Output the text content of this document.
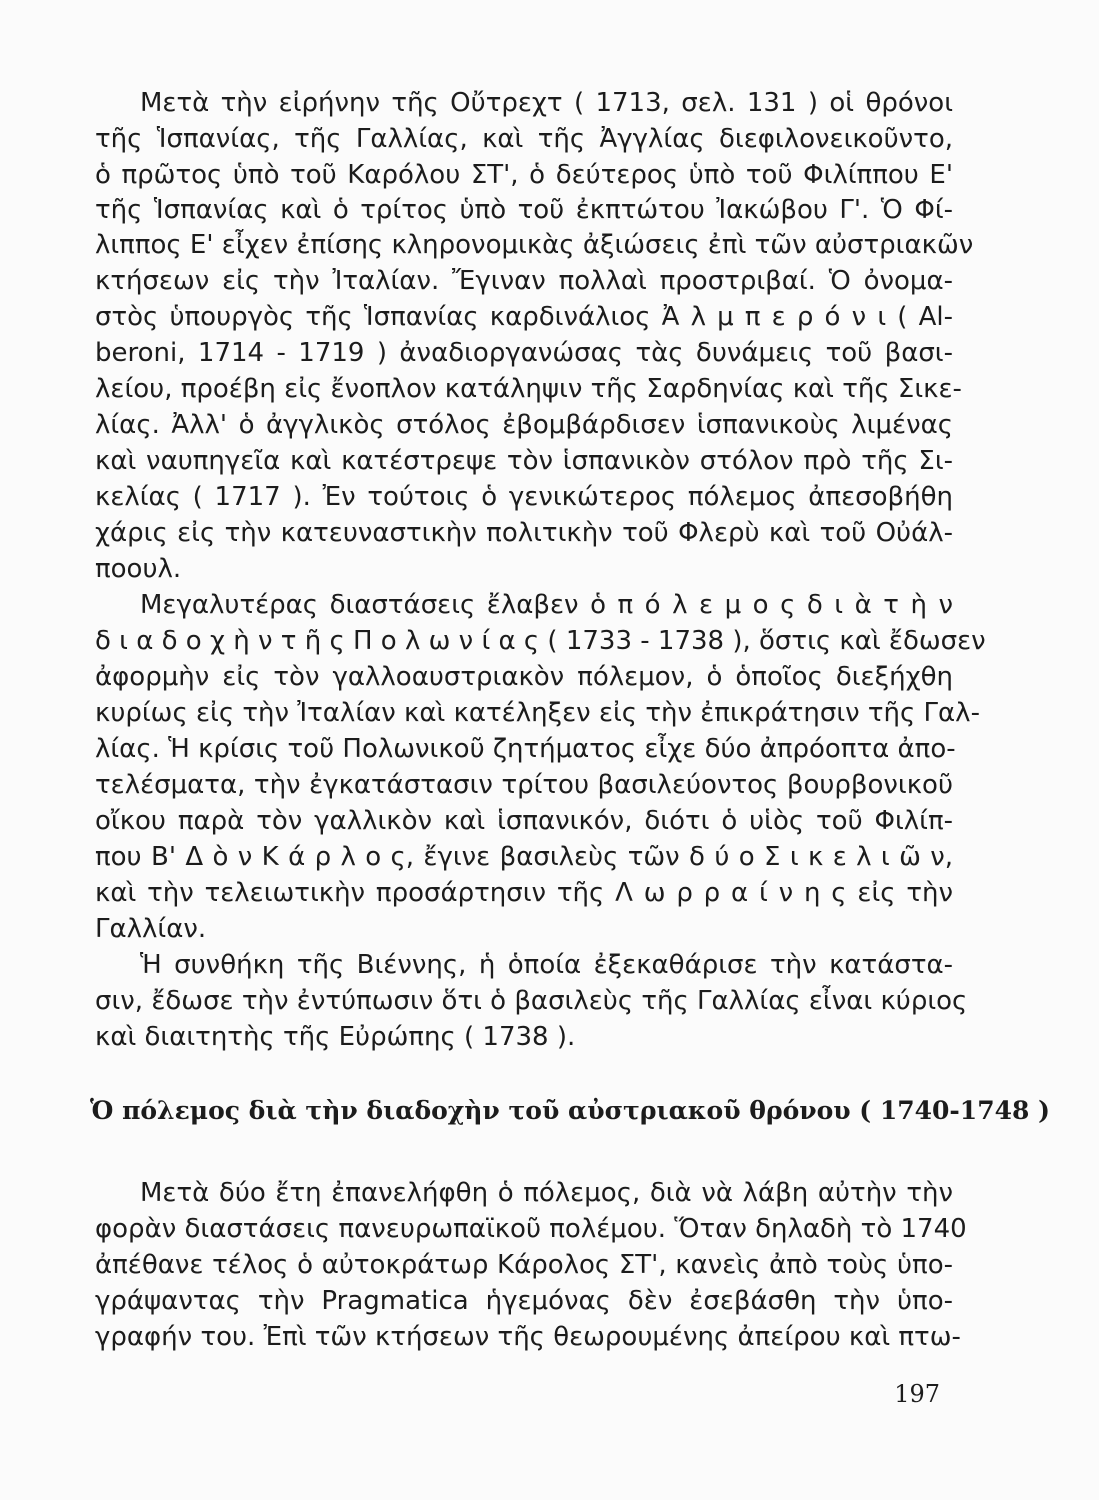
Μετὰ τὴν εἰρήνην τῆς Οὔτρεχτ ( 1713, σελ. 131 ) οἱ θρόνοι
τῆς Ἱσπανίας, τῆς Γαλλίας, καὶ τῆς Ἀγγλίας διεφιλονεικοῦντο,
ὁ πρῶτος ὑπὸ τοῦ Καρόλου ΣΤ', ὁ δεύτερος ὑπὸ τοῦ Φιλίππου Ε'
τῆς Ἱσπανίας καὶ ὁ τρίτος ὑπὸ τοῦ ἐκπτώτου Ἰακώβου Γ'. Ὁ Φί-
λιππος Ε' εἶχεν ἐπίσης κληρονομικὰς ἀξιώσεις ἐπὶ τῶν αὐστριακῶν
κτήσεων εἰς τὴν Ἰταλίαν. Ἔγιναν πολλαὶ προστριβαί. Ὁ ὀνομα-
στὸς ὑπουργὸς τῆς Ἱσπανίας καρδινάλιος Ἀ λ μ π ε ρ ό ν ι ( Al-
beroni, 1714 - 1719 ) ἀναδιοργανώσας τὰς δυνάμεις τοῦ βασι-
λείου, προέβη εἰς ἔνοπλον κατάληψιν τῆς Σαρδηνίας καὶ τῆς Σικε-
λίας. Ἀλλ' ὁ ἀγγλικὸς στόλος ἐβομβάρδισεν ἱσπανικοὺς λιμένας
καὶ ναυπηγεῖα καὶ κατέστρεψε τὸν ἱσπανικὸν στόλον πρὸ τῆς Σι-
κελίας ( 1717 ). Ἐν τούτοις ὁ γενικώτερος πόλεμος ἀπεσοβήθη
χάρις εἰς τὴν κατευναστικὴν πολιτικὴν τοῦ Φλερὺ καὶ τοῦ Οὐάλ-
ποουλ.
Μεγαλυτέρας διαστάσεις ἔλαβεν ὁ π ό λ ε μ ο ς δ ι ὰ τ ὴ ν
δ ι α δ ο χ ὴ ν τ ῆ ς Π ο λ ω ν ί α ς ( 1733 - 1738 ), ὅστις καὶ ἔδωσεν
ἀφορμὴν εἰς τὸν γαλλοαυστριακὸν πόλεμον, ὁ ὁποῖος διεξήχθη
κυρίως εἰς τὴν Ἰταλίαν καὶ κατέληξεν εἰς τὴν ἐπικράτησιν τῆς Γαλ-
λίας. Ἡ κρίσις τοῦ Πολωνικοῦ ζητήματος εἶχε δύο ἀπρόοπτα ἀπο-
τελέσματα, τὴν ἐγκατάστασιν τρίτου βασιλεύοντος βουρβονικοῦ
οἴκου παρὰ τὸν γαλλικὸν καὶ ἱσπανικόν, διότι ὁ υἱὸς τοῦ Φιλίπ-
που Β' Δ ὸ ν Κ ά ρ λ ο ς, ἔγινε βασιλεὺς τῶν δ ύ ο Σ ι κ ε λ ι ῶ ν,
καὶ τὴν τελειωτικὴν προσάρτησιν τῆς Λ ω ρ ρ α ί ν η ς εἰς τὴν
Γαλλίαν.
Ἡ συνθήκη τῆς Βιέννης, ἡ ὁποία ἐξεκαθάρισε τὴν κατάστα-
σιν, ἔδωσε τὴν ἐντύπωσιν ὅτι ὁ βασιλεὺς τῆς Γαλλίας εἶναι κύριος
καὶ διαιτητὴς τῆς Εὐρώπης ( 1738 ).
Ὁ πόλεμος διὰ τὴν διαδοχὴν τοῦ αὐστριακοῦ θρόνου ( 1740-1748 )
Μετὰ δύο ἔτη ἐπανελήφθη ὁ πόλεμος, διὰ νὰ λάβη αὐτὴν τὴν
φορὰν διαστάσεις πανευρωπαϊκοῦ πολέμου. Ὅταν δηλαδὴ τὸ 1740
ἀπέθανε τέλος ὁ αὐτοκράτωρ Κάρολος ΣΤ', κανεὶς ἀπὸ τοὺς ὑπο-
γράψαντας τὴν Pragmatica ἡγεμόνας δὲν ἐσεβάσθη τὴν ὑπο-
γραφήν του. Ἐπὶ τῶν κτήσεων τῆς θεωρουμένης ἀπείρου καὶ πτω-
197
